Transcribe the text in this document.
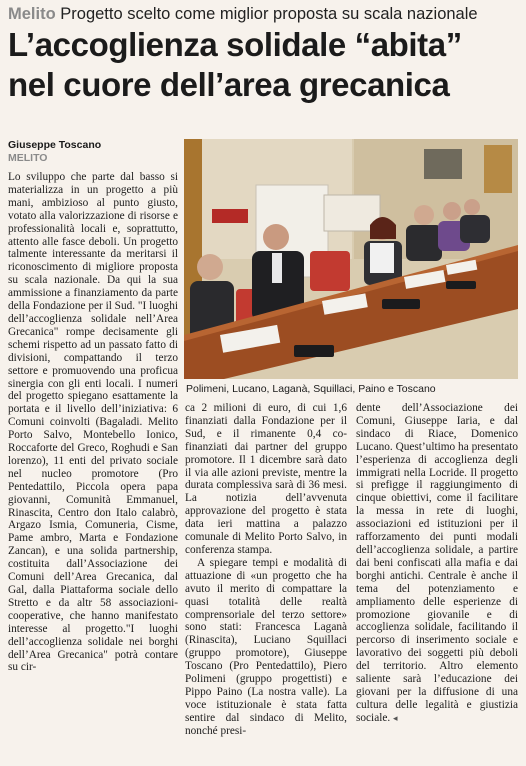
Melito Progetto scelto come miglior proposta su scala nazionale
L’accoglienza solidale “abita”
nel cuore dell’area grecanica
Giuseppe Toscano
MELITO

Lo sviluppo che parte dal basso si materializza in un progetto a più mani, ambizioso al punto giusto, votato alla valorizzazione di risorse e professionalità locali e, soprattutto, attento alle fasce deboli. Un progetto talmente interessante da meritarsi il riconoscimento di migliore proposta su scala nazionale. Da qui la sua ammissione a finanziamento da parte della Fondazione per il Sud. "I luoghi dell’accoglienza solidale nell’Area Grecanica" rompe decisamente gli schemi rispetto ad un passato fatto di divisioni, compattando il terzo settore e promuovendo una proficua sinergia con gli enti locali. I numeri del progetto spiegano esattamente la portata e il livello dell’iniziativa: 6 Comuni coinvolti (Bagaladi. Melito Porto Salvo, Montebello Ionico, Roccaforte del Greco, Roghudi e San lorenzo), 11 enti del privato sociale nel nucleo promotore (Pro Pentedattilo, Piccola opera papa giovanni, Comunità Emmanuel, Rinascita, Centro don Italo calabrò, Argazo Ismia, Comuneria, Cisme, Pame ambro, Marta e Fondazione Zancan), e una solida partnership, costituita dall’Associazione dei Comuni dell’Area Grecanica, dal Gal, dalla Piattaforma sociale dello Stretto e da altr 58 associazioni-cooperative, che hanno manifestato interesse al progetto."I luoghi dell’accoglienza solidale nei borghi dell’Area Grecanica" potrà contare su cir-

Polimeni, Lucano, Laganà, Squillaci, Paino e Toscano

ca 2 milioni di euro, di cui 1,6 finanziati dalla Fondazione per il Sud, e il rimanente 0,4 co-finanziati dai partner del gruppo promotore. Il 1 dicembre sarà dato il via alle azioni previste, mentre la durata complessiva sarà di 36 mesi. La notizia dell’avvenuta approvazione del progetto è stata data ieri mattina a palazzo comunale di Melito Porto Salvo, in conferenza stampa.

A spiegare tempi e modalità di attuazione di «un progetto che ha avuto il merito di compattare la quasi totalità delle realtà comprensoriale del terzo settore» sono stati: Francesca Laganà (Rinascita), Luciano Squillaci (gruppo promotore), Giuseppe Toscano (Pro Pentedattilo), Piero Polimeni (gruppo progettisti) e Pippo Paino (La nostra valle). La voce istituzionale è stata fatta sentire dal sindaco di Melito, nonché presi-

dente dell’Associazione dei Comuni, Giuseppe Iaria, e dal sindaco di Riace, Domenico Lucano. Quest’ultimo ha presentato l’esperienza di accoglienza degli immigrati nella Locride. Il progetto si prefigge il raggiungimento di cinque obiettivi, come il facilitare la messa in rete di luoghi, associazioni ed istituzioni per il rafforzamento dei punti modali dell’accoglienza solidale, a partire dai beni confiscati alla mafia e dai borghi antichi. Centrale è anche il tema del potenziamento e ampliamento delle esperienze di promozione giovanile e di accoglienza solidale, facilitando il percorso di inserimento sociale e lavorativo dei soggetti più deboli del territorio. Altro elemento saliente sarà l’educazione dei giovani per la diffusione di una cultura delle legalità e giustizia sociale. ◂
